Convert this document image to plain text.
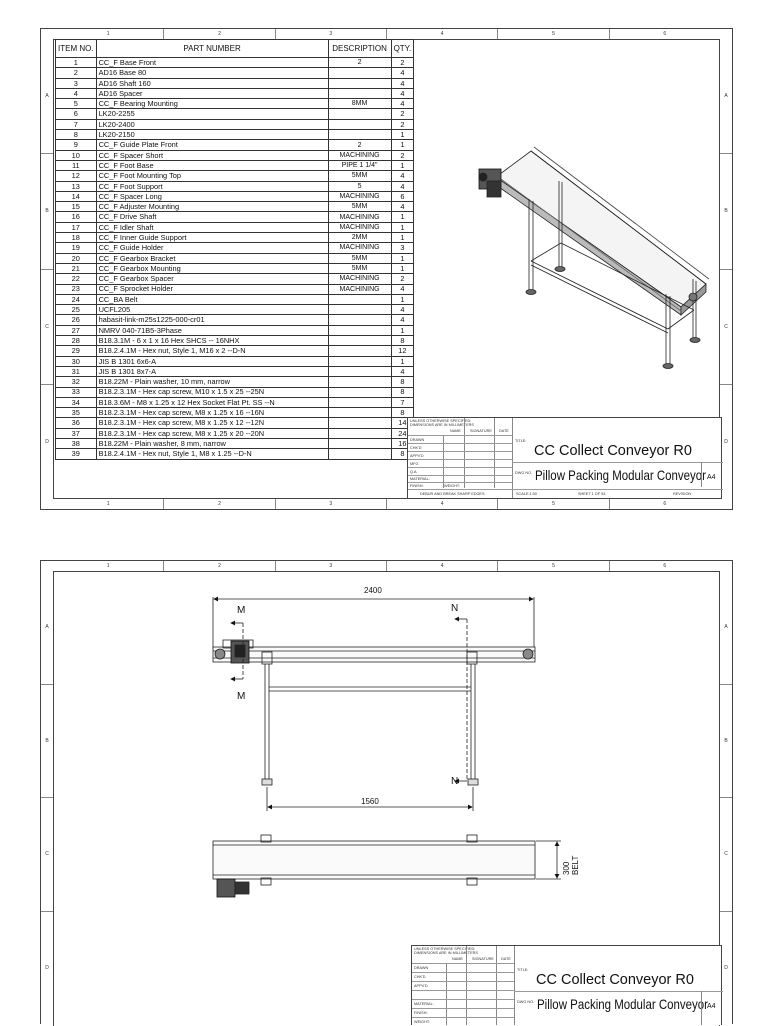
1	2	3	4	5	6
1	2	3	4	5	6
A
B
C
D
A
B
C
D
ITEM NO.	PART NUMBER	DESCRIPTION	QTY.
1	CC_F Base Front	2	2
2	AD16 Base 80		4
3	AD16 Shaft 160		4
4	AD16 Spacer		4
5	CC_F Bearing Mounting	8MM	4
6	LK20-2255		2
7	LK20-2400		2
8	LK20-2150		1
9	CC_F Guide Plate Front	2	1
10	CC_F Spacer Short	MACHINING	2
11	CC_F Foot Base	PIPE 1 1/4"	1
12	CC_F Foot Mounting Top	5MM	4
13	CC_F Foot Support	5	4
14	CC_F Spacer Long	MACHINING	6
15	CC_F Adjuster Mounting	5MM	4
16	CC_F Drive Shaft	MACHINING	1
17	CC_F Idler Shaft	MACHINING	1
18	CC_F Inner Guide Support	2MM	1
19	CC_F Guide Holder	MACHINING	3
20	CC_F Gearbox Bracket	5MM	1
21	CC_F Gearbox Mounting	5MM	1
22	CC_F Gearbox Spacer	MACHINING	2
23	CC_F Sprocket Holder	MACHINING	4
24	CC_BA Belt		1
25	UCFL205		4
26	habasit-link-m25s1225-000-cr01		4
27	NMRV 040-71B5-3Phase		1
28	B18.3.1M - 6 x 1 x 16 Hex SHCS -- 16NHX		8
29	B18.2.4.1M - Hex nut, Style 1, M16 x 2 --D-N		12
30	JIS B 1301 6x6-A		1
31	JIS B 1301 8x7-A		4
32	B18.22M - Plain washer, 10 mm, narrow		8
33	B18.2.3.1M - Hex cap screw, M10 x 1.5 x 25 --25N		8
34	B18.3.6M - M8 x 1.25 x 12 Hex Socket Flat Pt. SS --N		7
35	B18.2.3.1M - Hex cap screw, M8 x 1.25 x 16 --16N		8
36	B18.2.3.1M - Hex cap screw, M8 x 1.25 x 12 --12N		14
37	B18.2.3.1M - Hex cap screw, M8 x 1.25 x 20 --20N		24
38	B18.22M - Plain washer, 8 mm, narrow		16
39	B18.2.4.1M - Hex nut, Style 1, M8 x 1.25 --D-N		8
UNLESS OTHERWISE SPECIFIED: DIMENSIONS ARE IN MILLIMETERS
NAME SIGNATURE DATE
DRAWN
CHK'D
APPV'D
MFG
Q.A
MATERIAL:
FINISH:	WEIGHT:
TITLE:
CC Collect Conveyor R0
DWG NO. Pillow Packing Modular Conveyor A4
DEBUR AND BREAK SHARP EDGES	SCALE:1:30	SHEET 1 OF 53	REVISION
1	2	3	4	5	6
A
B
C
D
A
B
C
D
M
M
N
N
2400
1560
300
BELT
UNLESS OTHERWISE SPECIFIED: DIMENSIONS ARE IN MILLIMETERS
NAME SIGNATURE DATE
DRAWN
CHK'D
APPV'D
MATERIAL:
FINISH:
WEIGHT:
TITLE:
CC Collect Conveyor R0
DWG NO. Pillow Packing Modular Conveyor
A4
